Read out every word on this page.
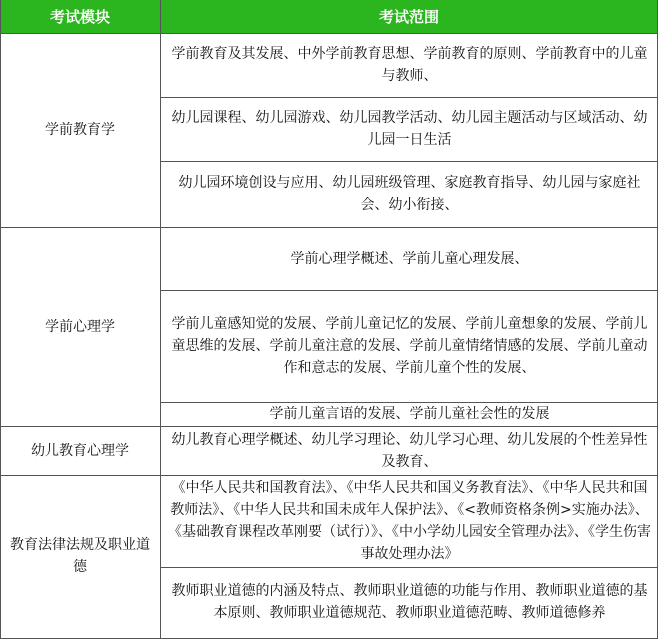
考试模块	考试范围
学前教育学
学前心理学
幼儿教育心理学
教育法律法规及职业道德
学前教育及其发展、中外学前教育思想、学前教育的原则、学前教育中的儿童与教师、
幼儿园课程、幼儿园游戏、幼儿园教学活动、幼儿园主题活动与区域活动、幼儿园一日生活
幼儿园环境创设与应用、幼儿园班级管理、家庭教育指导、幼儿园与家庭社会、幼小衔接、
学前心理学概述、学前儿童心理发展、
学前儿童感知觉的发展、学前儿童记忆的发展、学前儿童想象的发展、学前儿童思维的发展、学前儿童注意的发展、学前儿童情绪情感的发展、学前儿童动作和意志的发展、学前儿童个性的发展、
学前儿童言语的发展、学前儿童社会性的发展
幼儿教育心理学概述、幼儿学习理论、幼儿学习心理、幼儿发展的个性差异性及教育、
《中华人民共和国教育法》、《中华人民共和国义务教育法》、《中华人民共和国教师法》、《中华人民共和国未成年人保护法》、《<教师资格条例>实施办法》、《基础教育课程改革刚要（试行）》、《中小学幼儿园安全管理办法》、《学生伤害事故处理办法》
教师职业道德的内涵及特点、教师职业道德的功能与作用、教师职业道德的基本原则、教师职业道德规范、教师职业道德范畴、教师道德修养
